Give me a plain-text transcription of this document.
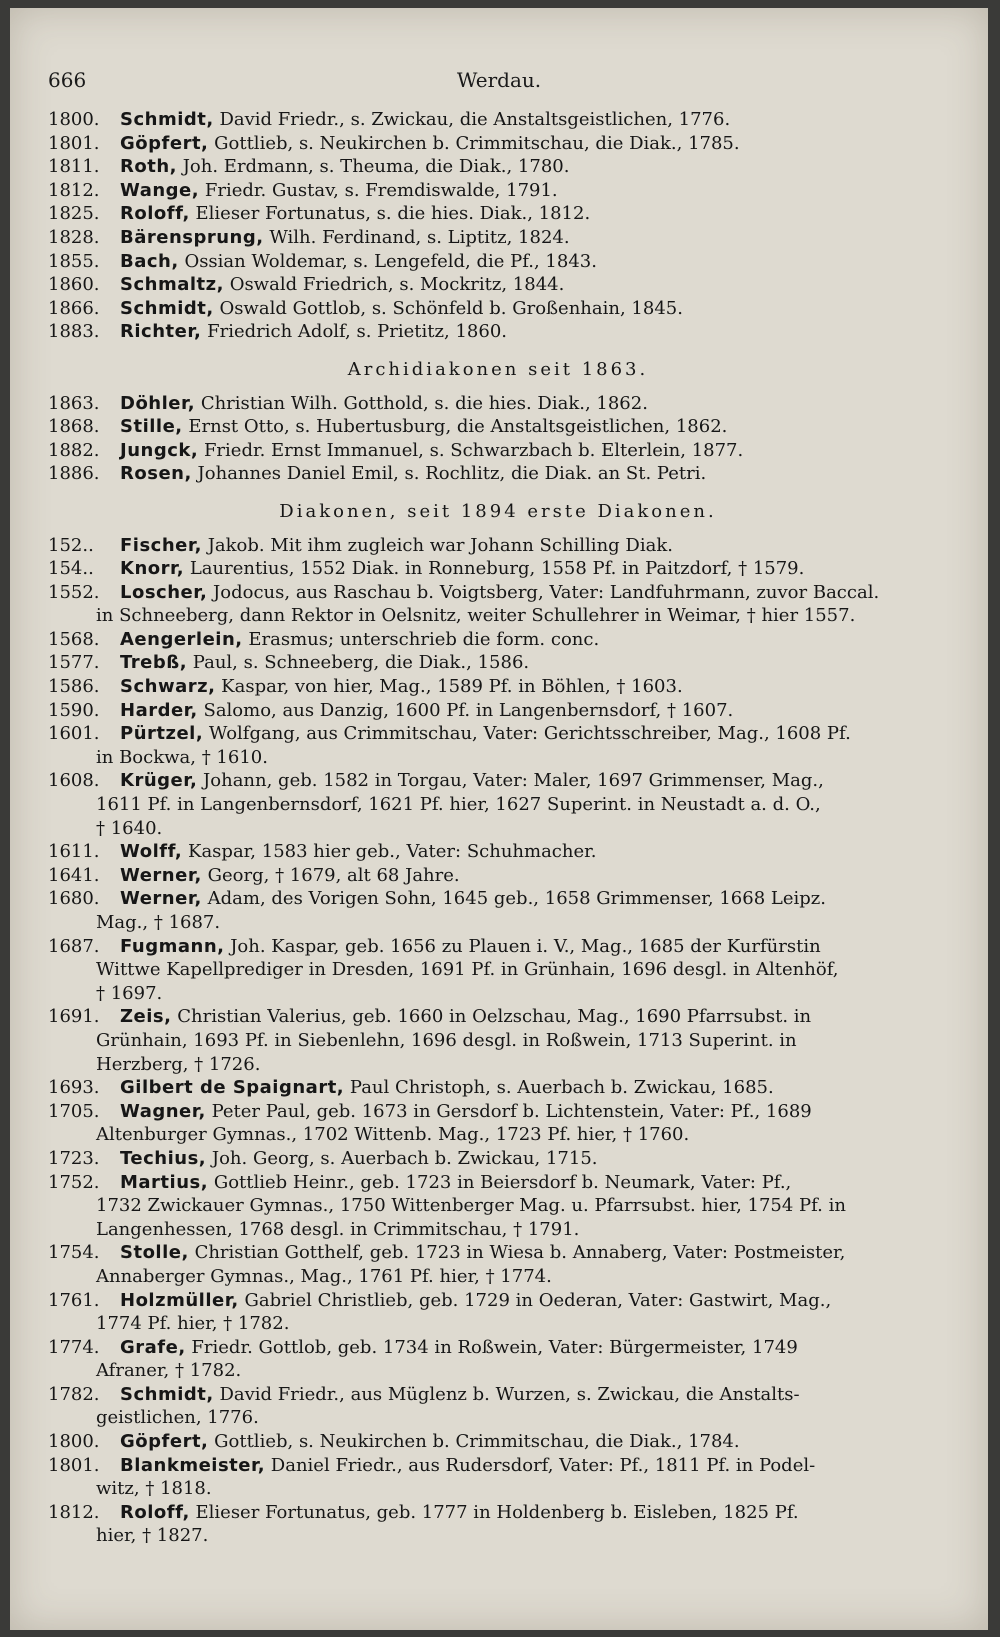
666	Werdau.
1800.	Schmidt, David Friedr., s. Zwickau, die Anstaltsgeistlichen, 1776.
1801.	Göpfert, Gottlieb, s. Neukirchen b. Crimmitschau, die Diak., 1785.
1811.	Roth, Joh. Erdmann, s. Theuma, die Diak., 1780.
1812.	Wange, Friedr. Gustav, s. Fremdiswalde, 1791.
1825.	Roloff, Elieser Fortunatus, s. die hies. Diak., 1812.
1828.	Bärensprung, Wilh. Ferdinand, s. Liptitz, 1824.
1855.	Bach, Ossian Woldemar, s. Lengefeld, die Pf., 1843.
1860.	Schmaltz, Oswald Friedrich, s. Mockritz, 1844.
1866.	Schmidt, Oswald Gottlob, s. Schönfeld b. Großenhain, 1845.
1883.	Richter, Friedrich Adolf, s. Prietitz, 1860.
Archidiakonen seit 1863.
1863.	Döhler, Christian Wilh. Gotthold, s. die hies. Diak., 1862.
1868.	Stille, Ernst Otto, s. Hubertusburg, die Anstaltsgeistlichen, 1862.
1882.	Jungck, Friedr. Ernst Immanuel, s. Schwarzbach b. Elterlein, 1877.
1886.	Rosen, Johannes Daniel Emil, s. Rochlitz, die Diak. an St. Petri.
Diakonen, seit 1894 erste Diakonen.
152..	Fischer, Jakob. Mit ihm zugleich war Johann Schilling Diak.
154..	Knorr, Laurentius, 1552 Diak. in Ronneburg, 1558 Pf. in Paitzdorf, † 1579.
1552.	Loscher, Jodocus, aus Raschau b. Voigtsberg, Vater: Landfuhrmann, zuvor Baccal.
in Schneeberg, dann Rektor in Oelsnitz, weiter Schullehrer in Weimar, † hier 1557.
1568.	Aengerlein, Erasmus; unterschrieb die form. conc.
1577.	Trebß, Paul, s. Schneeberg, die Diak., 1586.
1586.	Schwarz, Kaspar, von hier, Mag., 1589 Pf. in Böhlen, † 1603.
1590.	Harder, Salomo, aus Danzig, 1600 Pf. in Langenbernsdorf, † 1607.
1601.	Pürtzel, Wolfgang, aus Crimmitschau, Vater: Gerichtsschreiber, Mag., 1608 Pf.
in Bockwa, † 1610.
1608.	Krüger, Johann, geb. 1582 in Torgau, Vater: Maler, 1697 Grimmenser, Mag.,
1611 Pf. in Langenbernsdorf, 1621 Pf. hier, 1627 Superint. in Neustadt a. d. O.,
† 1640.
1611.	Wolff, Kaspar, 1583 hier geb., Vater: Schuhmacher.
1641.	Werner, Georg, † 1679, alt 68 Jahre.
1680.	Werner, Adam, des Vorigen Sohn, 1645 geb., 1658 Grimmenser, 1668 Leipz.
Mag., † 1687.
1687.	Fugmann, Joh. Kaspar, geb. 1656 zu Plauen i. V., Mag., 1685 der Kurfürstin
Wittwe Kapellprediger in Dresden, 1691 Pf. in Grünhain, 1696 desgl. in Altenhöf,
† 1697.
1691.	Zeis, Christian Valerius, geb. 1660 in Oelzschau, Mag., 1690 Pfarrsubst. in
Grünhain, 1693 Pf. in Siebenlehn, 1696 desgl. in Roßwein, 1713 Superint. in
Herzberg, † 1726.
1693.	Gilbert de Spaignart, Paul Christoph, s. Auerbach b. Zwickau, 1685.
1705.	Wagner, Peter Paul, geb. 1673 in Gersdorf b. Lichtenstein, Vater: Pf., 1689
Altenburger Gymnas., 1702 Wittenb. Mag., 1723 Pf. hier, † 1760.
1723.	Techius, Joh. Georg, s. Auerbach b. Zwickau, 1715.
1752.	Martius, Gottlieb Heinr., geb. 1723 in Beiersdorf b. Neumark, Vater: Pf.,
1732 Zwickauer Gymnas., 1750 Wittenberger Mag. u. Pfarrsubst. hier, 1754 Pf. in
Langenhessen, 1768 desgl. in Crimmitschau, † 1791.
1754.	Stolle, Christian Gotthelf, geb. 1723 in Wiesa b. Annaberg, Vater: Postmeister,
Annaberger Gymnas., Mag., 1761 Pf. hier, † 1774.
1761.	Holzmüller, Gabriel Christlieb, geb. 1729 in Oederan, Vater: Gastwirt, Mag.,
1774 Pf. hier, † 1782.
1774.	Grafe, Friedr. Gottlob, geb. 1734 in Roßwein, Vater: Bürgermeister, 1749
Afraner, † 1782.
1782.	Schmidt, David Friedr., aus Müglenz b. Wurzen, s. Zwickau, die Anstalts-
geistlichen, 1776.
1800.	Göpfert, Gottlieb, s. Neukirchen b. Crimmitschau, die Diak., 1784.
1801.	Blankmeister, Daniel Friedr., aus Rudersdorf, Vater: Pf., 1811 Pf. in Podel-
witz, † 1818.
1812.	Roloff, Elieser Fortunatus, geb. 1777 in Holdenberg b. Eisleben, 1825 Pf.
hier, † 1827.
